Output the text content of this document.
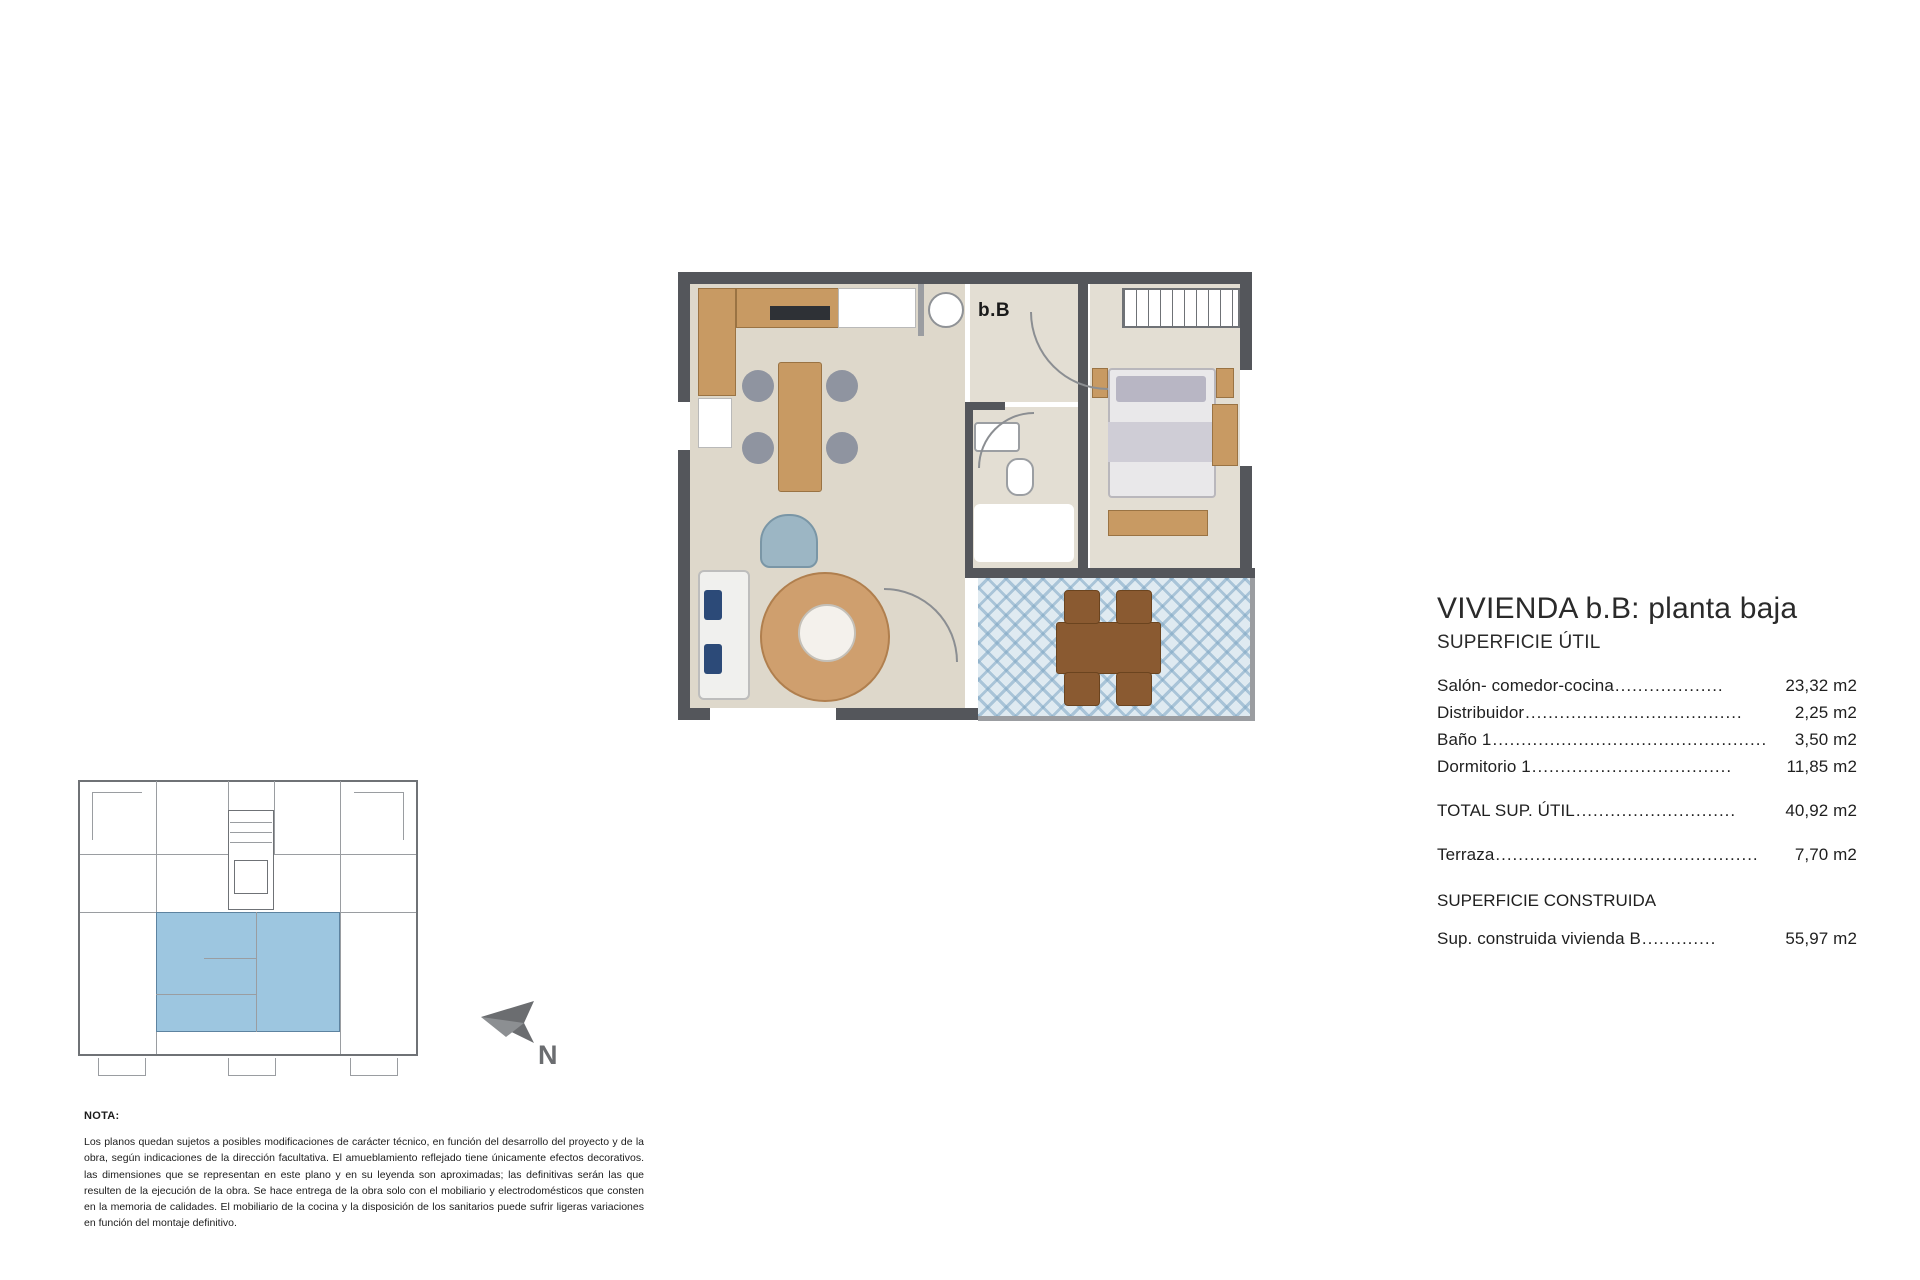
b.B
VIVIENDA b.B: planta baja
SUPERFICIE ÚTIL
Salón- comedor-cocina ...................	23,32 m2
Distribuidor ......................................	2,25 m2
Baño 1 ................................................	3,50 m2
Dormitorio 1 ...................................	11,85 m2
TOTAL SUP. ÚTIL ............................	40,92 m2
Terraza ..............................................	7,70 m2
SUPERFICIE CONSTRUIDA
Sup. construida vivienda B .............	55,97 m2
N
NOTA:
Los planos quedan sujetos a posibles modificaciones de carácter técnico, en función del desarrollo del proyecto y de la obra, según indicaciones de la dirección facultativa. El amueblamiento reflejado tiene únicamente efectos decorativos. las dimensiones que se representan en este plano y en su leyenda son aproximadas; las definitivas serán las que resulten de la ejecución de la obra. Se hace entrega de la obra solo con el mobiliario y electrodomésticos que consten en la memoria de calidades. El mobiliario de la cocina y la disposición de los sanitarios puede sufrir ligeras variaciones en función del montaje definitivo.
